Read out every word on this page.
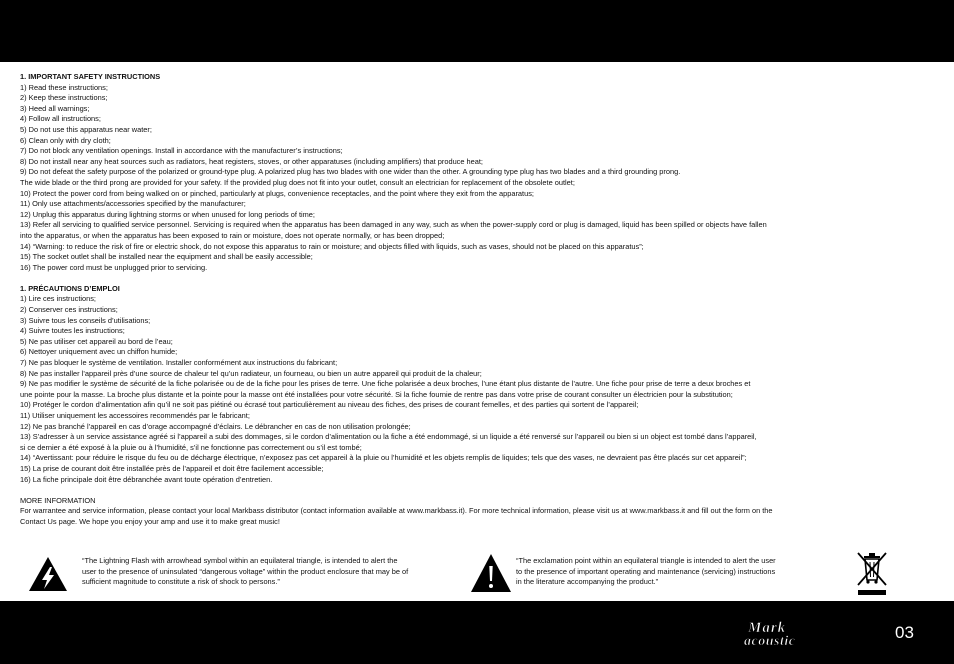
1. IMPORTANT SAFETY INSTRUCTIONS
1) Read these instructions;
2) Keep these instructions;
3) Heed all warnings;
4) Follow all instructions;
5) Do not use this apparatus near water;
6) Clean only with dry cloth;
7) Do not block any ventilation openings. Install in accordance with the manufacturer’s instructions;
8) Do not install near any heat sources such as radiators, heat registers, stoves, or other apparatuses (including amplifiers) that produce heat;
9) Do not defeat the safety purpose of the polarized or ground-type plug. A polarized plug has two blades with one wider than the other. A grounding type plug has two blades and a third grounding prong.
The wide blade or the third prong are provided for your safety. If the provided plug does not fit into your outlet, consult an electrician for replacement of the obsolete outlet;
10) Protect the power cord from being walked on or pinched, particularly at plugs, convenience receptacles, and the point where they exit from the apparatus;
11) Only use attachments/accessories specified by the manufacturer;
12) Unplug this apparatus during lightning storms or when unused for long periods of time;
13) Refer all servicing to qualified service personnel. Servicing is required when the apparatus has been damaged in any way, such as when the power-supply cord or plug is damaged, liquid has been spilled or objects have fallen
into the apparatus, or when the apparatus has been exposed to rain or moisture, does not operate normally, or has been dropped;
14) “Warning: to reduce the risk of fire or electric shock, do not expose this apparatus to rain or moisture; and objects filled with liquids, such as vases, should not be placed on this apparatus”;
15) The socket outlet shall be installed near the equipment and shall be easily accessible;
16) The power cord must be unplugged prior to servicing.
1. PRÉCAUTIONS D’EMPLOI
1) Lire ces instructions;
2) Conserver ces instructions;
3) Suivre tous les conseils d’utilisations;
4) Suivre toutes les instructions;
5) Ne pas utiliser cet appareil au bord de l’eau;
6) Nettoyer uniquement avec un chiffon humide;
7) Ne pas bloquer le système de ventilation. Installer conformément aux instructions du fabricant;
8) Ne pas installer l’appareil près d’une source de chaleur tel qu’un radiateur, un fourneau, ou bien un autre appareil qui produit de la chaleur;
9) Ne pas modifier le système de sécurité de la fiche polarisée ou de de la fiche pour les prises de terre. Une fiche polarisée a deux broches, l’une étant plus distante de l’autre. Une fiche pour prise de terre a deux broches et
une pointe pour la masse. La broche plus distante et la pointe pour la masse ont été installées pour votre sécurité. Si la fiche fournie de rentre pas dans votre prise de courant consulter un électricien pour la substitution;
10) Protéger le cordon d’alimentation afin qu’il ne soit pas piétiné ou écrasé tout particulièrement au niveau des fiches, des prises de courant femelles, et des parties qui sortent de l’appareil;
11) Utiliser uniquement les accessoires recommendés par le fabricant;
12) Ne pas branché l’appareil en cas d’orage accompagné d’éclairs. Le débrancher en cas de non utilisation prolongée;
13) S’adresser à un service assistance agréé si l’appareil a subi des dommages, si le cordon d’alimentation ou la fiche a été endommagé, si un liquide a été renversé sur l’appareil ou bien si un object est tombé dans l’appareil,
si ce dernier a été exposé à la pluie ou à l’humidité, s’il ne fonctionne pas correctement ou s’il est tombé;
14) “Avertissant: pour réduire le risque du feu ou de décharge électrique, n’exposez pas cet appareil à la pluie ou l’humidité et les objets remplis de liquides; tels que des vases, ne devraient pas être placés sur cet appareil”;
15) La prise de courant doit être installée près de l’appareil et doit être facilement accessible;
16) La fiche principale doit être débranchée avant toute opération d’entretien.
MORE INFORMATION
For warrantee and service information, please contact your local Markbass distributor (contact information available at www.markbass.it). For more technical information, please visit us at www.markbass.it and fill out the form on the
Contact Us page. We hope you enjoy your amp and use it to make great music!
“The Lightning Flash with arrowhead symbol within an equilateral triangle, is intended to alert the
user to the presence of uninsulated “dangerous voltage” within the product enclosure that may be of
sufficient magnitude to constitute a risk of shock to persons.”
“The exclamation point within an equilateral triangle is intended to alert the user
to the presence of important operating and maintenance (servicing) instructions
in the literature accompanying the product.”
Mark
acoustic	03
